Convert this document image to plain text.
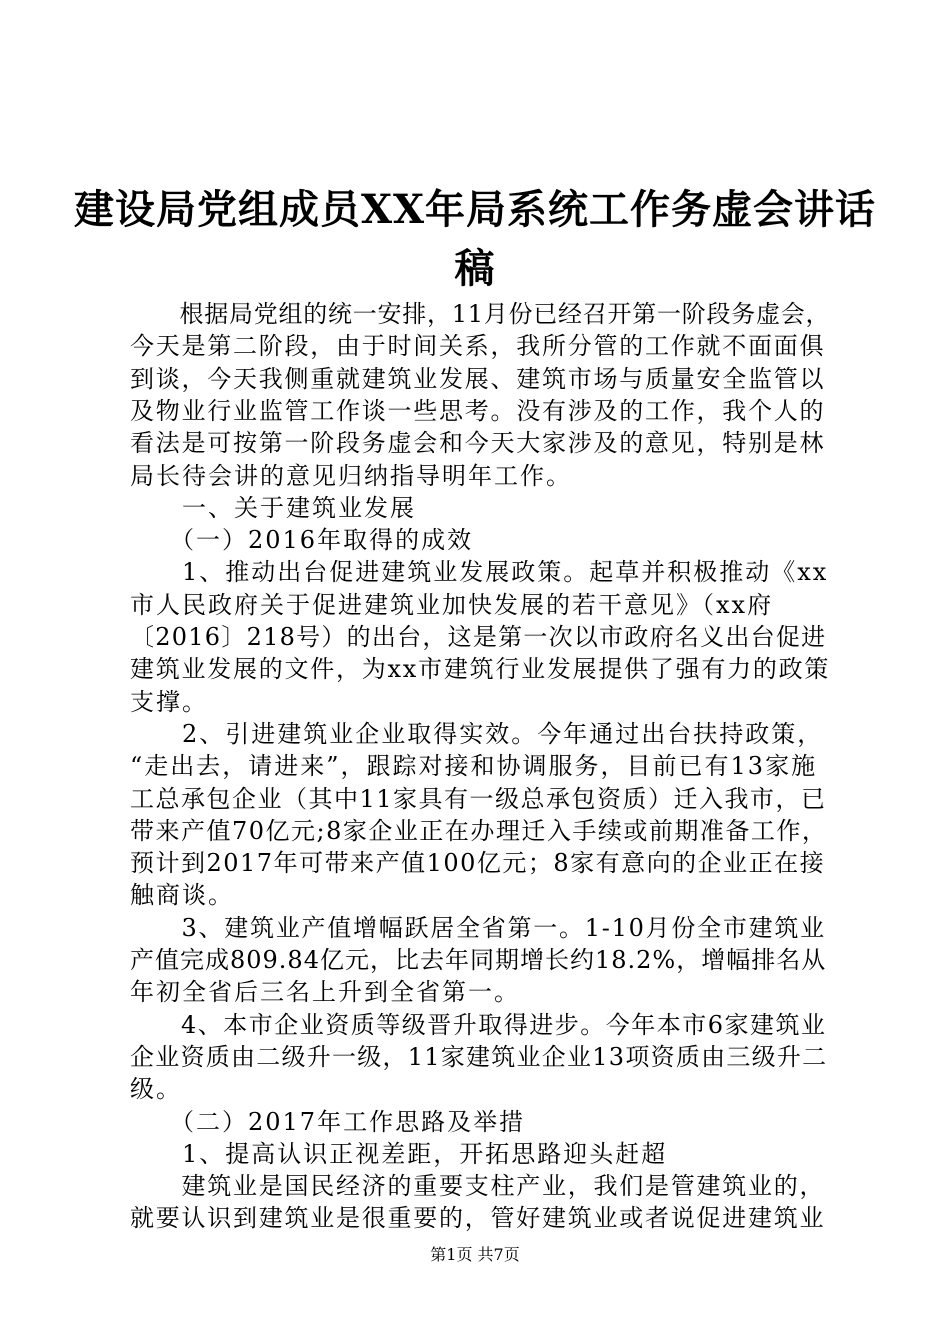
建设局党组成员XX年局系统工作务虚会讲话
稿
　　根据局党组的统一安排，11月份已经召开第一阶段务虚会，
今天是第二阶段，由于时间关系，我所分管的工作就不面面俱
到谈，今天我侧重就建筑业发展、建筑市场与质量安全监管以
及物业行业监管工作谈一些思考。没有涉及的工作，我个人的
看法是可按第一阶段务虚会和今天大家涉及的意见，特别是林
局长待会讲的意见归纳指导明年工作。
　　一、关于建筑业发展
　　（一）2016年取得的成效
　　1、推动出台促进建筑业发展政策。起草并积极推动《xx
市人民政府关于促进建筑业加快发展的若干意见》（xx府
〔2016〕218号）的出台，这是第一次以市政府名义出台促进
建筑业发展的文件，为xx市建筑行业发展提供了强有力的政策
支撑。
　　2、引进建筑业企业取得实效。今年通过出台扶持政策，
“走出去，请进来”，跟踪对接和协调服务，目前已有13家施
工总承包企业（其中11家具有一级总承包资质）迁入我市，已
带来产值70亿元;8家企业正在办理迁入手续或前期准备工作，
预计到2017年可带来产值100亿元；8家有意向的企业正在接
触商谈。
　　3、建筑业产值增幅跃居全省第一。1-10月份全市建筑业
产值完成809.84亿元，比去年同期增长约18.2%，增幅排名从
年初全省后三名上升到全省第一。
　　4、本市企业资质等级晋升取得进步。今年本市6家建筑业
企业资质由二级升一级，11家建筑业企业13项资质由三级升二
级。
　　（二）2017年工作思路及举措
　　1、提高认识正视差距，开拓思路迎头赶超
　　建筑业是国民经济的重要支柱产业，我们是管建筑业的，
就要认识到建筑业是很重要的，管好建筑业或者说促进建筑业
第1页 共7页
